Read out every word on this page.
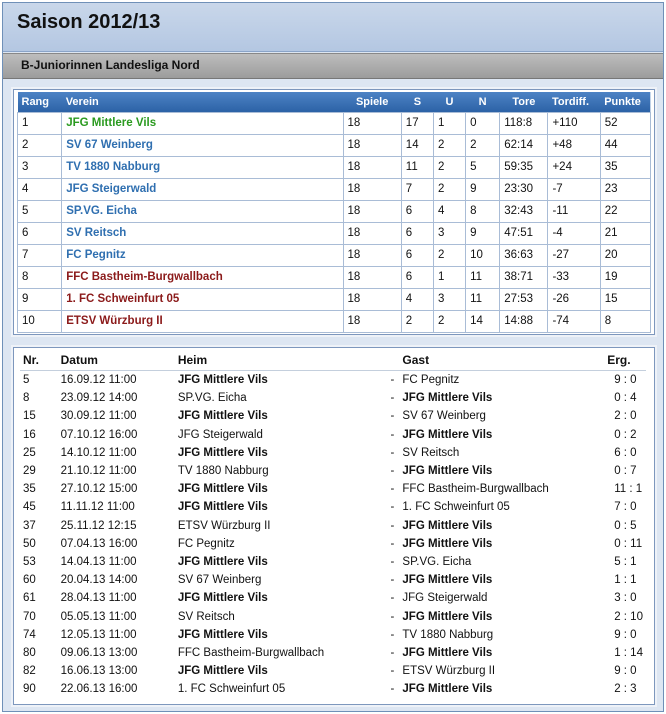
Saison 2012/13
B-Juniorinnen Landesliga Nord
Rang	Verein	Spiele	S	U	N	Tore	Tordiff.	Punkte
1	JFG Mittlere Vils	18	17	1	0	118:8	+110	52
2	SV 67 Weinberg	18	14	2	2	62:14	+48	44
3	TV 1880 Nabburg	18	11	2	5	59:35	+24	35
4	JFG Steigerwald	18	7	2	9	23:30	-7	23
5	SP.VG. Eicha	18	6	4	8	32:43	-11	22
6	SV Reitsch	18	6	3	9	47:51	-4	21
7	FC Pegnitz	18	6	2	10	36:63	-27	20
8	FFC Bastheim-Burgwallbach	18	6	1	11	38:71	-33	19
9	1. FC Schweinfurt 05	18	4	3	11	27:53	-26	15
10	ETSV Würzburg II	18	2	2	14	14:88	-74	8
Nr.	Datum	Heim		Gast	Erg.
5	16.09.12 11:00	JFG Mittlere Vils	-	FC Pegnitz	9 : 0
8	23.09.12 14:00	SP.VG. Eicha	-	JFG Mittlere Vils	0 : 4
15	30.09.12 11:00	JFG Mittlere Vils	-	SV 67 Weinberg	2 : 0
16	07.10.12 16:00	JFG Steigerwald	-	JFG Mittlere Vils	0 : 2
25	14.10.12 11:00	JFG Mittlere Vils	-	SV Reitsch	6 : 0
29	21.10.12 11:00	TV 1880 Nabburg	-	JFG Mittlere Vils	0 : 7
35	27.10.12 15:00	JFG Mittlere Vils	-	FFC Bastheim-Burgwallbach	11 : 1
45	11.11.12 11:00	JFG Mittlere Vils	-	1. FC Schweinfurt 05	7 : 0
37	25.11.12 12:15	ETSV Würzburg II	-	JFG Mittlere Vils	0 : 5
50	07.04.13 16:00	FC Pegnitz	-	JFG Mittlere Vils	0 : 11
53	14.04.13 11:00	JFG Mittlere Vils	-	SP.VG. Eicha	5 : 1
60	20.04.13 14:00	SV 67 Weinberg	-	JFG Mittlere Vils	1 : 1
61	28.04.13 11:00	JFG Mittlere Vils	-	JFG Steigerwald	3 : 0
70	05.05.13 11:00	SV Reitsch	-	JFG Mittlere Vils	2 : 10
74	12.05.13 11:00	JFG Mittlere Vils	-	TV 1880 Nabburg	9 : 0
80	09.06.13 13:00	FFC Bastheim-Burgwallbach	-	JFG Mittlere Vils	1 : 14
82	16.06.13 13:00	JFG Mittlere Vils	-	ETSV Würzburg II	9 : 0
90	22.06.13 16:00	1. FC Schweinfurt 05	-	JFG Mittlere Vils	2 : 3
